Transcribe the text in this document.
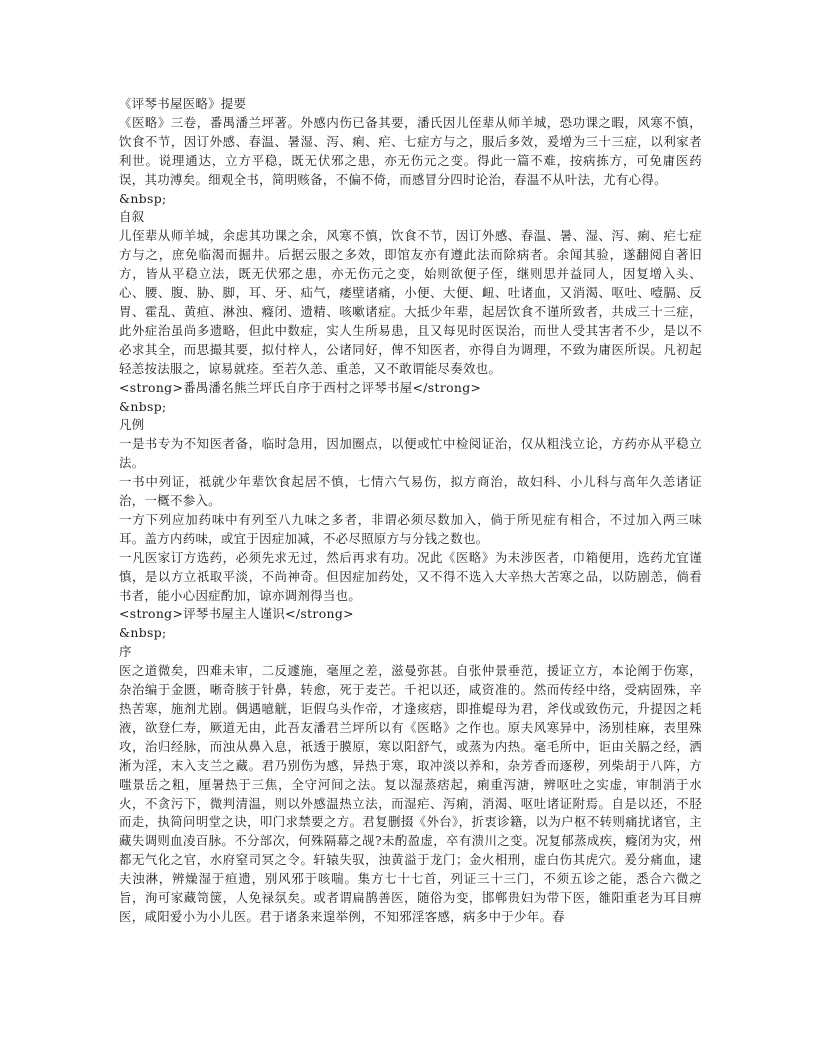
《评琴书屋医略》提要

《医略》三卷，番禺潘兰坪著。外感内伤已备其要，潘氏因儿侄辈从师羊城，恐功课之暇，风寒不慎，饮食不节，因订外感、春温、暑湿、泻、痢、疟、七症方与之，服后多效，爰增为三十三症，以利家者利世。说理通达，立方平稳，既无伏邪之患，亦无伤元之变。得此一篇不难，按病拣方，可免庸医药误，其功溥矣。细观全书，简明赅备，不偏不倚，而感冒分四时论治，春温不从叶法，尤有心得。

&nbsp;

自叙

儿侄辈从师羊城，余虑其功课之余，风寒不慎，饮食不节，因订外感、春温、暑、湿、泻、痢、疟七症方与之，庶免临渴而掘井。后据云服之多效，即馆友亦有遵此法而除病者。余闻其验，遂翻阅自著旧方，皆从平稳立法，既无伏邪之患，亦无伤元之变，始则欲便子侄，继则思并益同人，因复增入头、心、腰、腹、胁、脚，耳、牙、疝气，痿壁诸痛，小便、大便、衄、吐诸血，又消渴、呕吐、噎膈、反胃、霍乱、黄疸、淋浊、癃闭、遗精、咳嗽诸症。大抵少年辈，起居饮食不谨所致者，共成三十三症，此外症治虽尚多遗略，但此中数症，实人生所易患，且又每见时医误治，而世人受其害者不少，是以不必求其全，而思撮其要，拟付梓人，公诸同好，俾不知医者，亦得自为调理，不致为庸医所误。凡初起轻恙按法服之，谅易就痊。至若久恙、重恙，又不敢谓能尽奏效也。

<strong>番禺潘名熊兰坪氏自序于西村之评琴书屋</strong>

&nbsp;

凡例

一是书专为不知医者备，临时急用，因加圈点，以便或忙中检阅证治，仅从粗浅立论，方药亦从平稳立法。

一书中列证，祗就少年辈饮食起居不慎，七情六气易伤，拟方商治，故妇科、小儿科与高年久恙诸证治，一概不参入。

一方下列应加药味中有列至八九味之多者，非谓必须尽数加入，倘于所见症有相合，不过加入两三味耳。盖方内药味，或宜于因症加减，不必尽照原方与分钱之数也。

一凡医家订方选药，必须先求无过，然后再求有功。况此《医略》为未涉医者，巾箱便用，选药尤宜谨慎，是以方立祇取平淡，不尚神奇。但因症加药处，又不得不选入大辛热大苦寒之品，以防剧恙，倘看书者，能小心因症酌加，谅亦调剂得当也。

<strong>评琴书屋主人谨识</strong>

&nbsp;

序

医之道微矣，四难未审，二反遽施，毫厘之差，滋曼弥甚。自张仲景垂范，援证立方，本论阐于伤寒，杂治编于金匮，晰奇胲于针鼻，转愈，死于麦芒。千祀以还，咸资准的。然而传经中络，受病固殊，辛热苦寒，施剂尤剧。偶遇噫觥，讵假乌头作帝，才逢痎痞，即推蝭母为君，斧伐或致伤元，升提因之耗液，欲登仁寿，厥道无由，此吾友潘君兰坪所以有《医略》之作也。原夫风寒异中，汤别桂麻，表里殊攻，治归经脉，而浊从鼻入息，祇透于膜原，寒以阳舒气，或蒸为内热。毫毛所中，讵由关膈之经，洒淅为淫，末入支兰之藏。君乃别伤为感，异热于寒，取冲淡以养和，杂芳香而逐秽，列柴胡于八阵，方嗤景岳之粗，厘暑热于三焦，全守河间之法。复以湿蒸痞起，痢重泻溏，辨呕吐之实虚，审制消于水火，不贪污下，微判清温，则以外感温热立法，而湿疟、泻痢，消渴、呕吐诸证附焉。自是以还，不胫而走，执简问明堂之诀，叩门求禁要之方。君复删掇《外台》，折衷诊籍，以为户枢不转则痛扰诸官，主藏失调则血凌百脉。不分部次，何殊隔幕之觇?未酌盈虚，卒有溃川之变。况复郁蒸成疾，癃闭为灾，州都无气化之官，水府窒司冥之令。轩辕失驭，浊黄溢于龙门；金火相刑，虚白伤其虎穴。爰分痛血，逮夫浊淋，辨燥湿于疸遗，别风邪于咳喘。集方七十七首，列证三十三门，不须五诊之能，悉合六微之旨，洵可家藏笥箧，人免禄氛矣。或者谓扁鹊善医，随俗为变，邯郸贵妇为带下医，雒阳重老为耳目痹医，咸阳爱小为小儿医。君于诸条来遑举例，不知邪淫客感，病多中于少年。春
